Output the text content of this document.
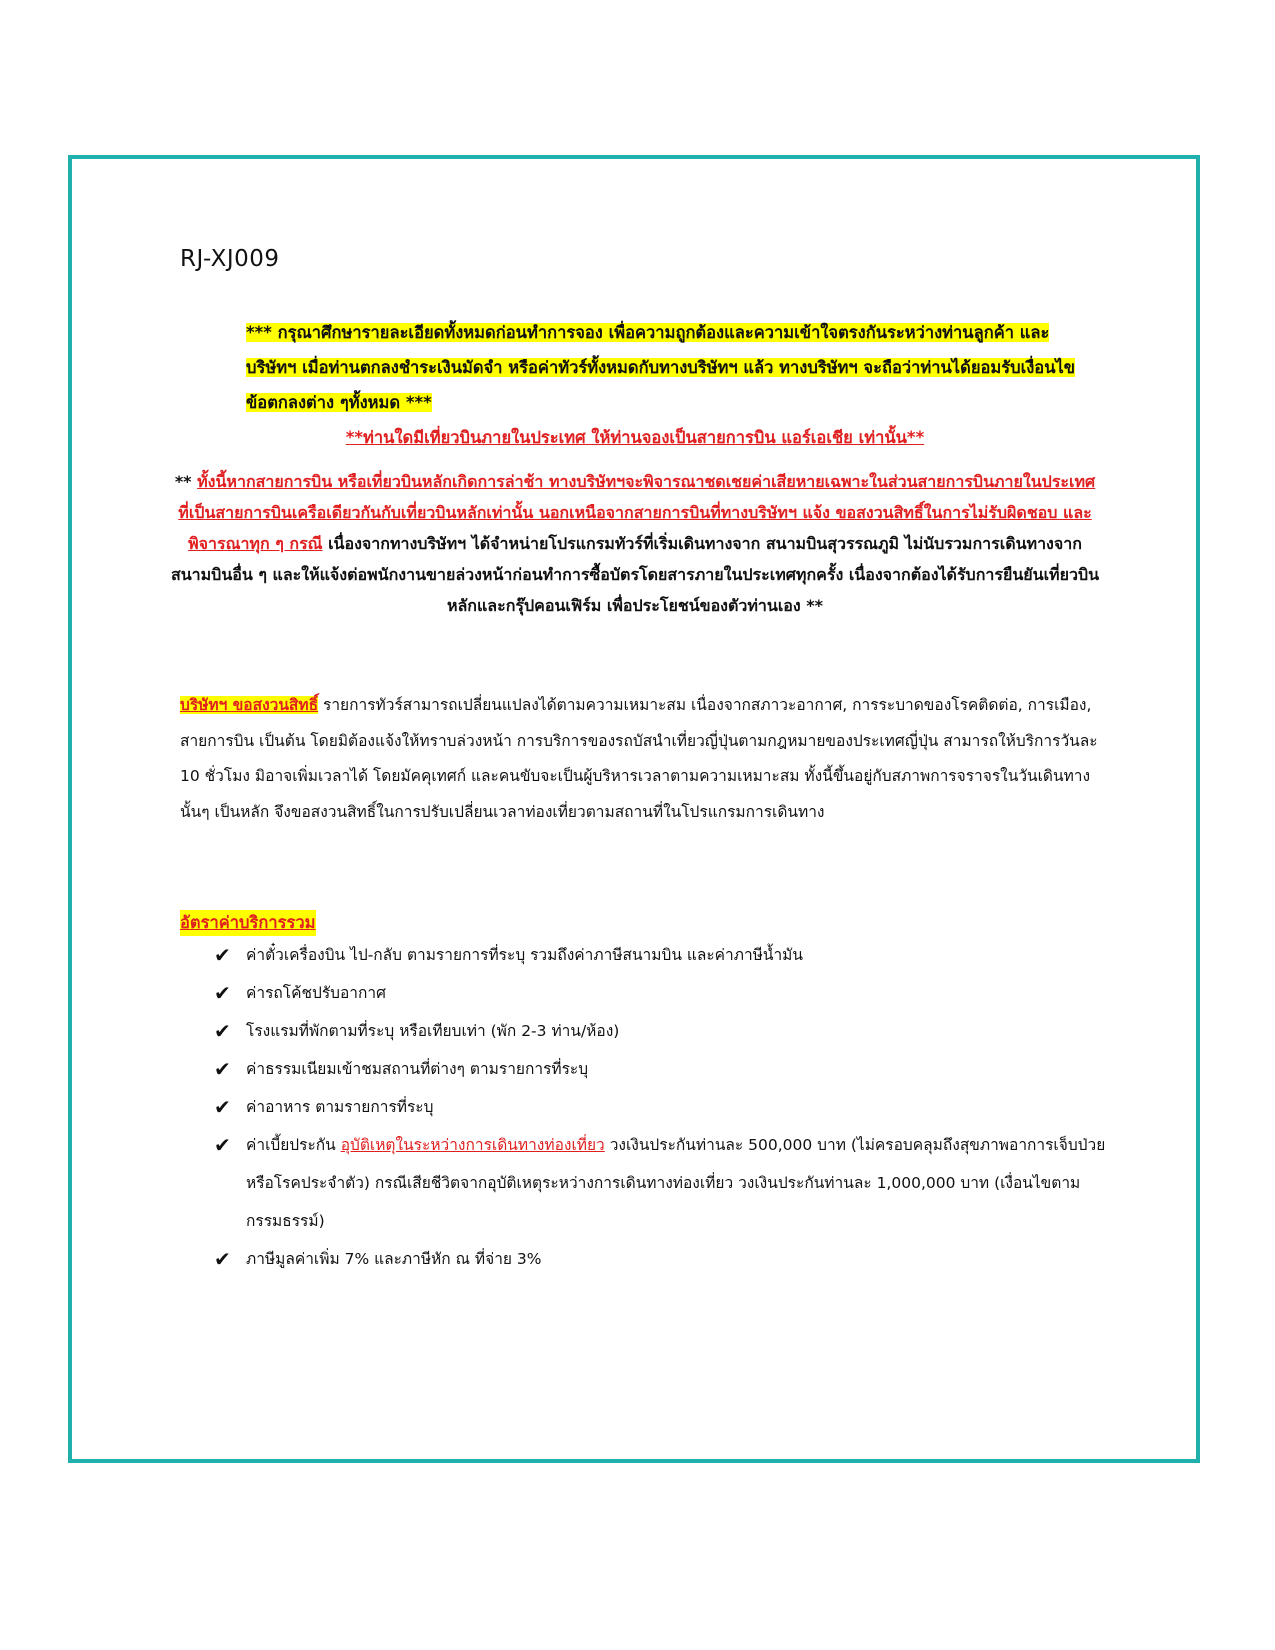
RJ-XJ009
*** กรุณาศึกษารายละเอียดทั้งหมดก่อนทำการจอง เพื่อความถูกต้องและความเข้าใจตรงกันระหว่างท่านลูกค้า และบริษัทฯ เมื่อท่านตกลงชำระเงินมัดจำ หรือค่าทัวร์ทั้งหมดกับทางบริษัทฯ แล้ว ทางบริษัทฯ จะถือว่าท่านได้ยอมรับเงื่อนไขข้อตกลงต่าง ๆทั้งหมด ***
**ท่านใดมีเที่ยวบินภายในประเทศ ให้ท่านจองเป็นสายการบิน แอร์เอเชีย เท่านั้น**
** ทั้งนี้หากสายการบิน หรือเที่ยวบินหลักเกิดการล่าช้า ทางบริษัทฯจะพิจารณาชดเชยค่าเสียหายเฉพาะในส่วนสายการบินภายในประเทศที่เป็นสายการบินเครือเดียวกันกับเที่ยวบินหลักเท่านั้น นอกเหนือจากสายการบินที่ทางบริษัทฯ แจ้ง ขอสงวนสิทธิ์ในการไม่รับผิดชอบ และพิจารณาทุก ๆ กรณี เนื่องจากทางบริษัทฯ ได้จำหน่ายโปรแกรมทัวร์ที่เริ่มเดินทางจาก สนามบินสุวรรณภูมิ ไม่นับรวมการเดินทางจากสนามบินอื่น ๆ และให้แจ้งต่อพนักงานขายล่วงหน้าก่อนทำการซื้อบัตรโดยสารภายในประเทศทุกครั้ง เนื่องจากต้องได้รับการยืนยันเที่ยวบินหลักและกรุ๊ปคอนเฟิร์ม เพื่อประโยชน์ของตัวท่านเอง **
บริษัทฯ ขอสงวนสิทธิ์ รายการทัวร์สามารถเปลี่ยนแปลงได้ตามความเหมาะสม เนื่องจากสภาวะอากาศ, การระบาดของโรคติดต่อ, การเมือง, สายการบิน เป็นต้น โดยมิต้องแจ้งให้ทราบล่วงหน้า การบริการของรถบัสนำเที่ยวญี่ปุ่นตามกฎหมายของประเทศญี่ปุ่น สามารถให้บริการวันละ 10 ชั่วโมง มิอาจเพิ่มเวลาได้ โดยมัคคุเทศก์ และคนขับจะเป็นผู้บริหารเวลาตามความเหมาะสม ทั้งนี้ขึ้นอยู่กับสภาพการจราจรในวันเดินทางนั้นๆ เป็นหลัก จึงขอสงวนสิทธิ์ในการปรับเปลี่ยนเวลาท่องเที่ยวตามสถานที่ในโปรแกรมการเดินทาง
อัตราค่าบริการรวม
✔ ค่าตั๋วเครื่องบิน ไป-กลับ ตามรายการที่ระบุ รวมถึงค่าภาษีสนามบิน และค่าภาษีน้ำมัน
✔ ค่ารถโค้ชปรับอากาศ
✔ โรงแรมที่พักตามที่ระบุ หรือเทียบเท่า (พัก 2-3 ท่าน/ห้อง)
✔ ค่าธรรมเนียมเข้าชมสถานที่ต่างๆ ตามรายการที่ระบุ
✔ ค่าอาหาร ตามรายการที่ระบุ
✔ ค่าเบี้ยประกัน อุบัติเหตุในระหว่างการเดินทางท่องเที่ยว วงเงินประกันท่านละ 500,000 บาท (ไม่ครอบคลุมถึงสุขภาพอาการเจ็บป่วย หรือโรคประจำตัว) กรณีเสียชีวิตจากอุบัติเหตุระหว่างการเดินทางท่องเที่ยว วงเงินประกันท่านละ 1,000,000 บาท (เงื่อนไขตามกรรมธรรม์)
✔ ภาษีมูลค่าเพิ่ม 7% และภาษีหัก ณ ที่จ่าย 3%
